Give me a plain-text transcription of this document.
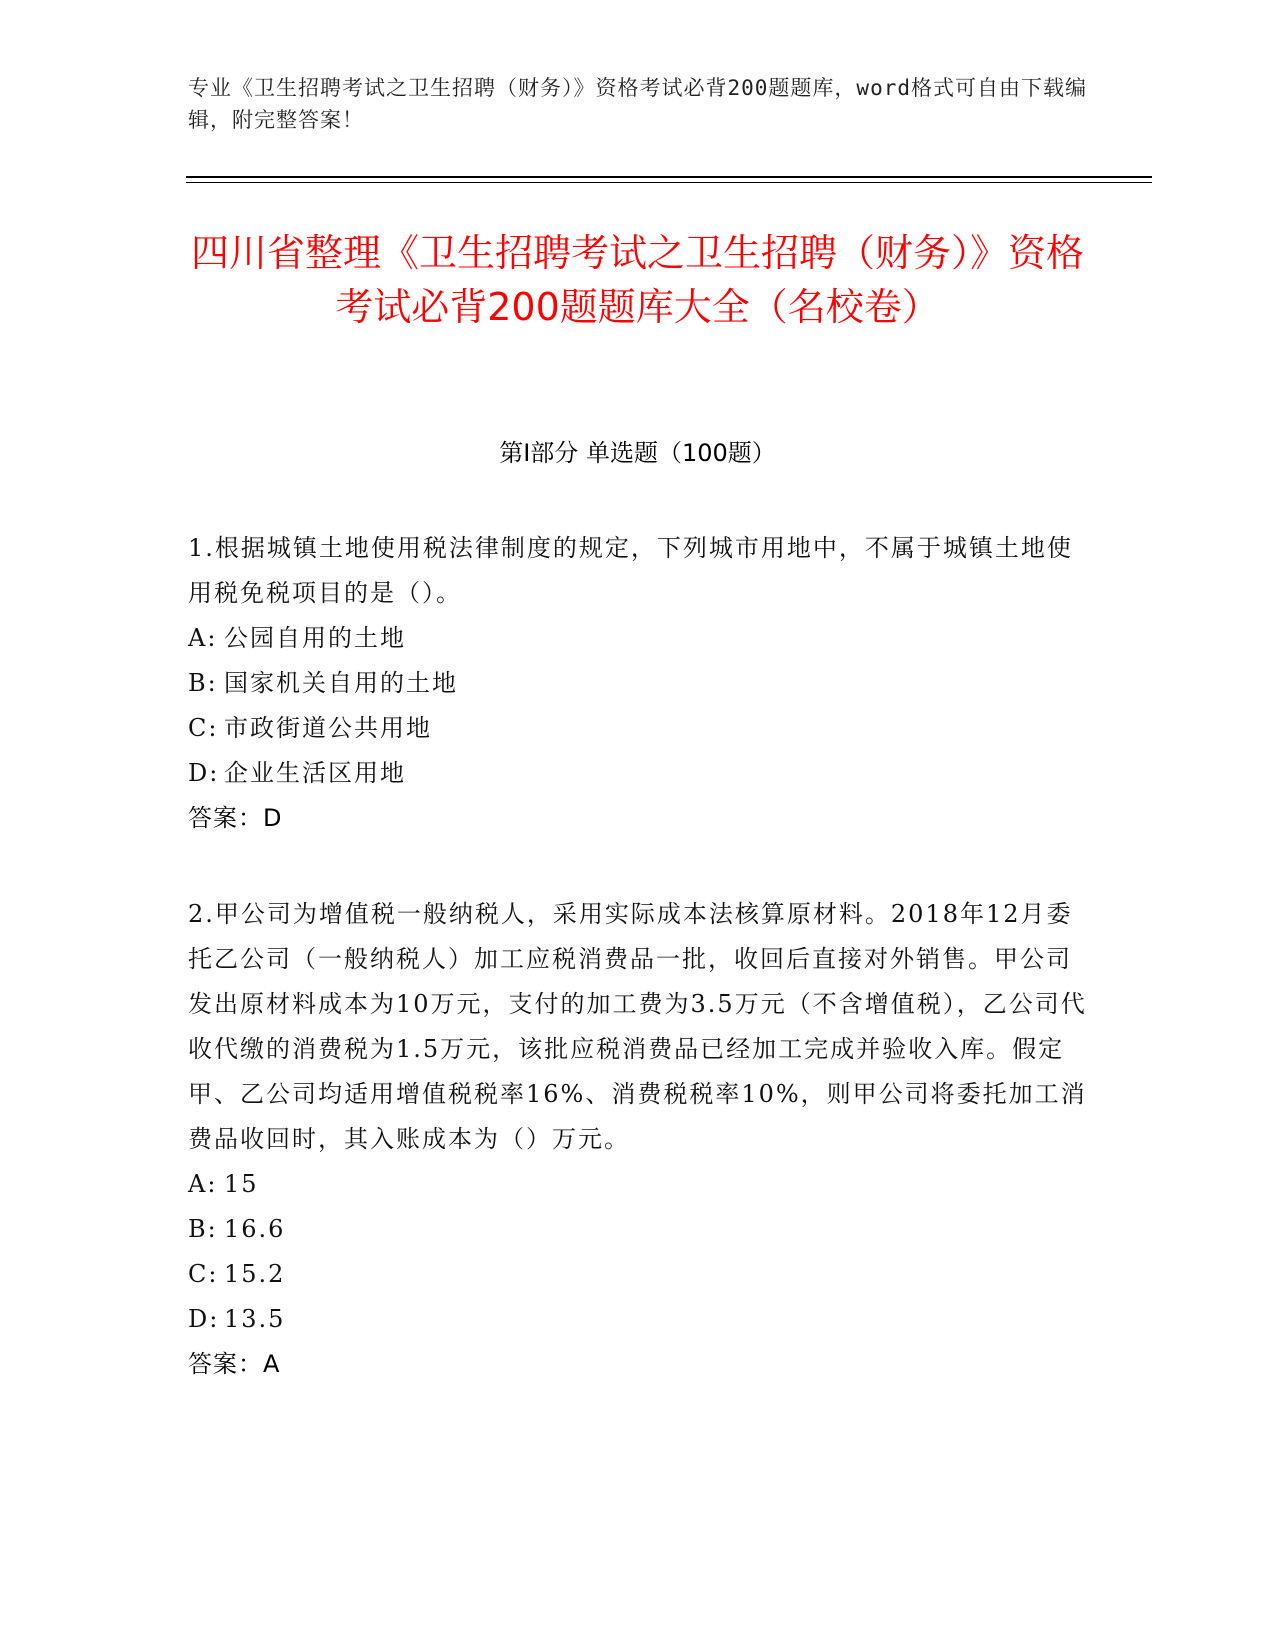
专业《卫生招聘考试之卫生招聘（财务）》资格考试必背200题题库，word格式可自由下载编辑，附完整答案！
四川省整理《卫生招聘考试之卫生招聘（财务）》资格考试必背200题题库大全（名校卷）
第I部分 单选题（100题）
1.根据城镇土地使用税法律制度的规定，下列城市用地中，不属于城镇土地使用税免税项目的是（）。
A: 公园自用的土地
B: 国家机关自用的土地
C: 市政街道公共用地
D: 企业生活区用地
答案：D
2.甲公司为增值税一般纳税人，采用实际成本法核算原材料。2018年12月委托乙公司（一般纳税人）加工应税消费品一批，收回后直接对外销售。甲公司发出原材料成本为10万元，支付的加工费为3.5万元（不含增值税），乙公司代收代缴的消费税为1.5万元，该批应税消费品已经加工完成并验收入库。假定甲、乙公司均适用增值税税率16%、消费税税率10%，则甲公司将委托加工消费品收回时，其入账成本为（）万元。
A: 15
B: 16.6
C: 15.2
D: 13.5
答案：A
